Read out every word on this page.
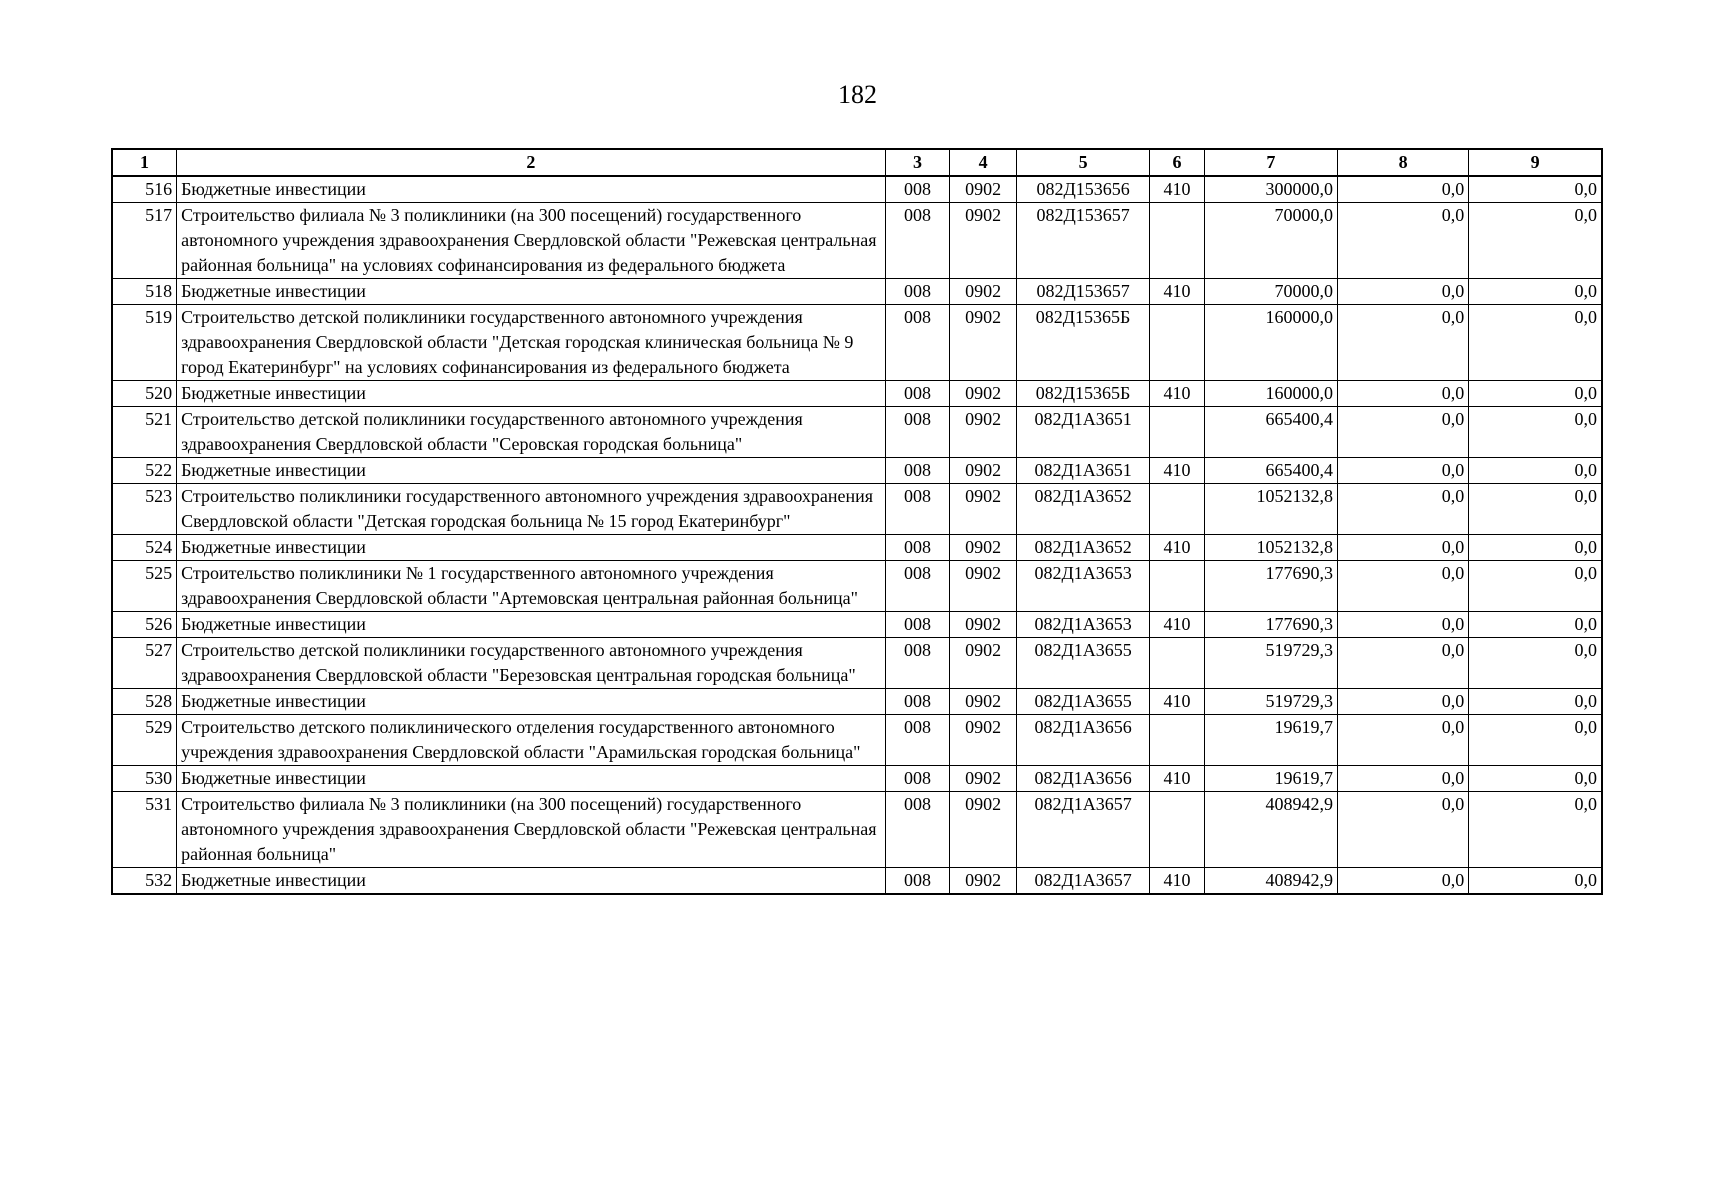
182
1	2	3	4	5	6	7	8	9
516	Бюджетные инвестиции	008	0902	082Д153656	410	300000,0	0,0	0,0
517	Строительство филиала № 3 поликлиники (на 300 посещений) государственного автономного учреждения здравоохранения Свердловской области "Режевская центральная районная больница" на условиях софинансирования из федерального бюджета	008	0902	082Д153657		70000,0	0,0	0,0
518	Бюджетные инвестиции	008	0902	082Д153657	410	70000,0	0,0	0,0
519	Строительство детской поликлиники государственного автономного учреждения здравоохранения Свердловской области "Детская городская клиническая больница № 9 город Екатеринбург" на условиях софинансирования из федерального бюджета	008	0902	082Д15365Б		160000,0	0,0	0,0
520	Бюджетные инвестиции	008	0902	082Д15365Б	410	160000,0	0,0	0,0
521	Строительство детской поликлиники государственного автономного учреждения здравоохранения Свердловской области "Серовская городская больница"	008	0902	082Д1А3651		665400,4	0,0	0,0
522	Бюджетные инвестиции	008	0902	082Д1А3651	410	665400,4	0,0	0,0
523	Строительство поликлиники государственного автономного учреждения здравоохранения Свердловской области "Детская городская больница № 15 город Екатеринбург"	008	0902	082Д1А3652		1052132,8	0,0	0,0
524	Бюджетные инвестиции	008	0902	082Д1А3652	410	1052132,8	0,0	0,0
525	Строительство поликлиники № 1 государственного автономного учреждения здравоохранения Свердловской области "Артемовская центральная районная больница"	008	0902	082Д1А3653		177690,3	0,0	0,0
526	Бюджетные инвестиции	008	0902	082Д1А3653	410	177690,3	0,0	0,0
527	Строительство детской поликлиники государственного автономного учреждения здравоохранения Свердловской области "Березовская центральная городская больница"	008	0902	082Д1А3655		519729,3	0,0	0,0
528	Бюджетные инвестиции	008	0902	082Д1А3655	410	519729,3	0,0	0,0
529	Строительство детского поликлинического отделения государственного автономного учреждения здравоохранения Свердловской области "Арамильская городская больница"	008	0902	082Д1А3656		19619,7	0,0	0,0
530	Бюджетные инвестиции	008	0902	082Д1А3656	410	19619,7	0,0	0,0
531	Строительство филиала № 3 поликлиники (на 300 посещений) государственного автономного учреждения здравоохранения Свердловской области "Режевская центральная районная больница"	008	0902	082Д1А3657		408942,9	0,0	0,0
532	Бюджетные инвестиции	008	0902	082Д1А3657	410	408942,9	0,0	0,0
